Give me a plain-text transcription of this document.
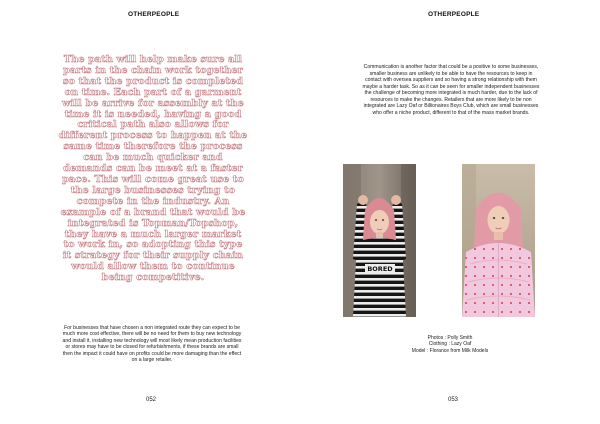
OTHERPEOPLE
The path will help make sure all parts in the chain work together so that the product is completed on time. Each part of a garment will be arrive for assembly at the time it is needed, having a good critical path also allows for different process to happen at the same time therefore the process can be much quicker and demands can be meet at a faster pace. This will come great use to the large businesses trying to compete in the industry. An example of a brand that would be integrated is Topman/Topshop, they have a much larger market to work in, so adopting this type it strategy for their supply chain would allow them to continue being competitive.
For businesses that have chosen a non integrated route they can expect to be much more cost effective, there will be no need for them to buy new technology and install it, installing new technology will most likely mean production facilities or stores may have to be closed for refurbishments, if these brands are small then the impact it could have on profits could be more damaging than the effect on a large retailer.
052
OTHERPEOPLE
Communication is another factor that could be a positive to some businesses, smaller business are unlikely to be able to have the resources to keep in contact with oversea suppliers and so having a strong relationship with them maybe a harder task. So as it can be seen for smaller independent businesses the challenge of becoming more integrated is much harder, due to the lack of resources to make the changes. Retailers that are more likely to be non integrated are Lazy Oaf or Billionaires Boys Club, which are small businesses who offer a niche product, different to that of the mass market brands.
BORED
Photos : Polly Smith
Clothing : Lazy Oaf
Model : Florance from Milk Models
053
